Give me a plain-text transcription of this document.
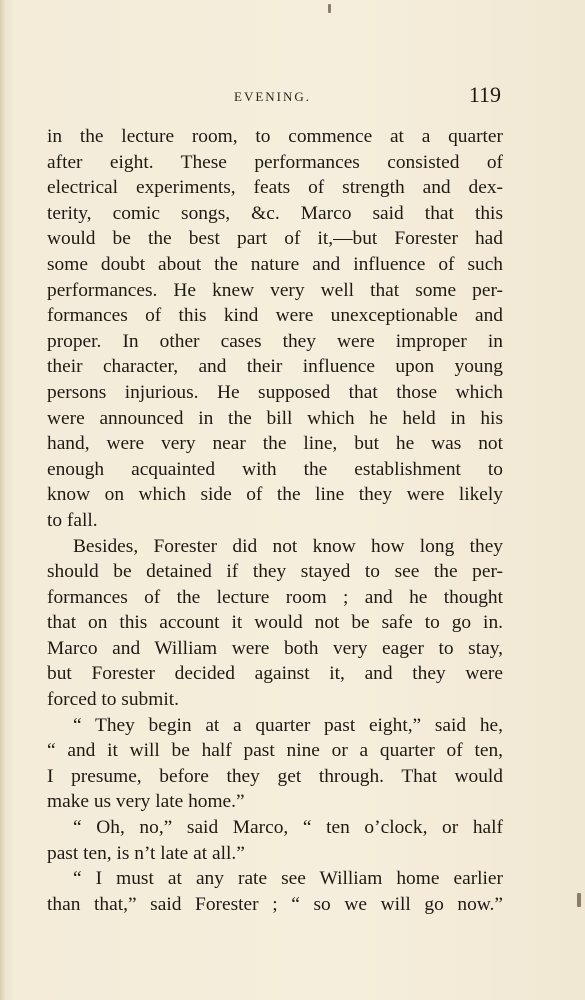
EVENING.	119
in the lecture room, to commence at a quarter
after eight. These performances consisted of
electrical experiments, feats of strength and dex-
terity, comic songs, &c. Marco said that this
would be the best part of it,—but Forester had
some doubt about the nature and influence of such
performances. He knew very well that some per-
formances of this kind were unexceptionable and
proper. In other cases they were improper in
their character, and their influence upon young
persons injurious. He supposed that those which
were announced in the bill which he held in his
hand, were very near the line, but he was not
enough acquainted with the establishment to
know on which side of the line they were likely
to fall.
Besides, Forester did not know how long they
should be detained if they stayed to see the per-
formances of the lecture room ; and he thought
that on this account it would not be safe to go in.
Marco and William were both very eager to stay,
but Forester decided against it, and they were
forced to submit.
“ They begin at a quarter past eight,” said he,
“ and it will be half past nine or a quarter of ten,
I presume, before they get through. That would
make us very late home.”
“ Oh, no,” said Marco, “ ten o’clock, or half
past ten, is n’t late at all.”
“ I must at any rate see William home earlier
than that,” said Forester ; “ so we will go now.”
